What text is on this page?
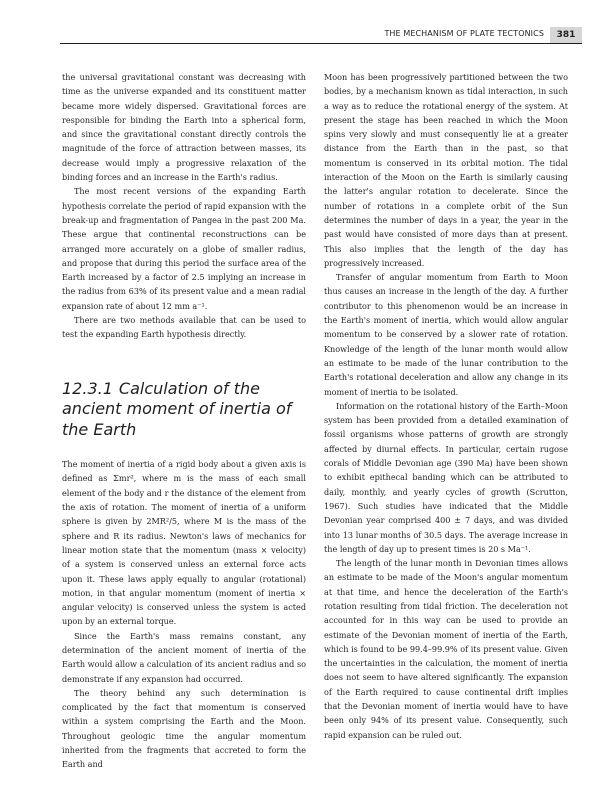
THE MECHANISM OF PLATE TECTONICS	381

the universal gravitational constant was decreasing with time as the universe expanded and its constituent matter became more widely dispersed. Gravitational forces are responsible for binding the Earth into a spherical form, and since the gravitational constant directly controls the magnitude of the force of attraction between masses, its decrease would imply a progressive relaxation of the binding forces and an increase in the Earth's radius.

The most recent versions of the expanding Earth hypothesis correlate the period of rapid expansion with the break-up and fragmentation of Pangea in the past 200 Ma. These argue that continental reconstructions can be arranged more accurately on a globe of smaller radius, and propose that during this period the surface area of the Earth increased by a factor of 2.5 implying an increase in the radius from 63% of its present value and a mean radial expansion rate of about 12 mm a⁻¹.

There are two methods available that can be used to test the expanding Earth hypothesis directly.

12.3.1 Calculation of the ancient moment of inertia of the Earth

The moment of inertia of a rigid body about a given axis is defined as Σmr², where m is the mass of each small element of the body and r the distance of the element from the axis of rotation. The moment of inertia of a uniform sphere is given by 2MR²/5, where M is the mass of the sphere and R its radius. Newton's laws of mechanics for linear motion state that the momentum (mass × velocity) of a system is conserved unless an external force acts upon it. These laws apply equally to angular (rotational) motion, in that angular momentum (moment of inertia × angular velocity) is conserved unless the system is acted upon by an external torque.

Since the Earth's mass remains constant, any determination of the ancient moment of inertia of the Earth would allow a calculation of its ancient radius and so demonstrate if any expansion had occurred.

The theory behind any such determination is complicated by the fact that momentum is conserved within a system comprising the Earth and the Moon. Throughout geologic time the angular momentum inherited from the fragments that accreted to form the Earth and

Moon has been progressively partitioned between the two bodies, by a mechanism known as tidal interaction, in such a way as to reduce the rotational energy of the system. At present the stage has been reached in which the Moon spins very slowly and must consequently lie at a greater distance from the Earth than in the past, so that momentum is conserved in its orbital motion. The tidal interaction of the Moon on the Earth is similarly causing the latter's angular rotation to decelerate. Since the number of rotations in a complete orbit of the Sun determines the number of days in a year, the year in the past would have consisted of more days than at present. This also implies that the length of the day has progressively increased.

Transfer of angular momentum from Earth to Moon thus causes an increase in the length of the day. A further contributor to this phenomenon would be an increase in the Earth's moment of inertia, which would allow angular momentum to be conserved by a slower rate of rotation. Knowledge of the length of the lunar month would allow an estimate to be made of the lunar contribution to the Earth's rotational deceleration and allow any change in its moment of inertia to be isolated.

Information on the rotational history of the Earth–Moon system has been provided from a detailed examination of fossil organisms whose patterns of growth are strongly affected by diurnal effects. In particular, certain rugose corals of Middle Devonian age (390 Ma) have been shown to exhibit epithecal banding which can be attributed to daily, monthly, and yearly cycles of growth (Scrutton, 1967). Such studies have indicated that the Middle Devonian year comprised 400 ± 7 days, and was divided into 13 lunar months of 30.5 days. The average increase in the length of day up to present times is 20 s Ma⁻¹.

The length of the lunar month in Devonian times allows an estimate to be made of the Moon's angular momentum at that time, and hence the deceleration of the Earth's rotation resulting from tidal friction. The deceleration not accounted for in this way can be used to provide an estimate of the Devonian moment of inertia of the Earth, which is found to be 99.4–99.9% of its present value. Given the uncertainties in the calculation, the moment of inertia does not seem to have altered significantly. The expansion of the Earth required to cause continental drift implies that the Devonian moment of inertia would have to have been only 94% of its present value. Consequently, such rapid expansion can be ruled out.
